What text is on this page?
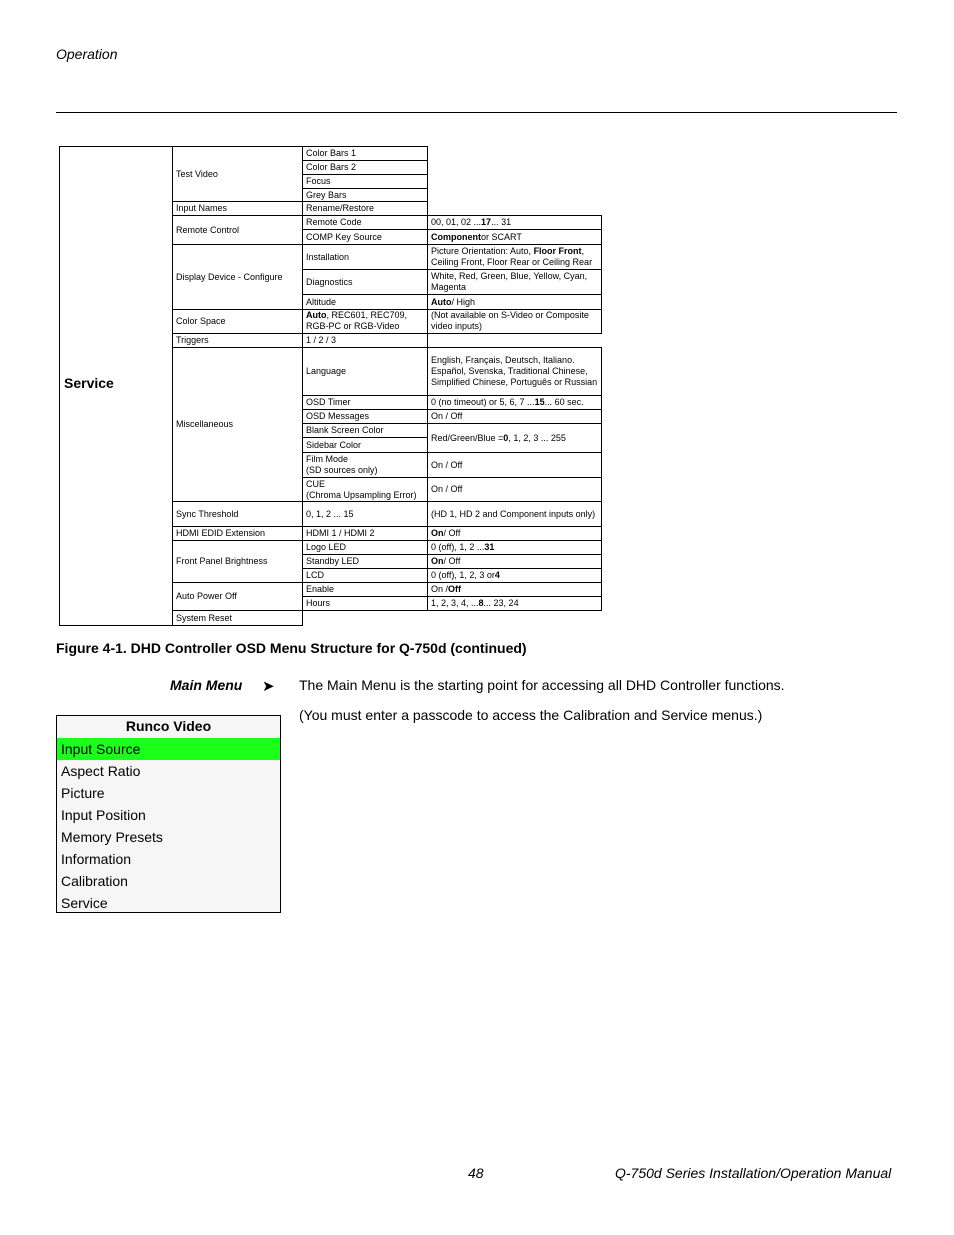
Operation
Service
Test Video
Input Names
Remote Control
Display Device - Configure
Color Space
Triggers
Miscellaneous
Sync Threshold
HDMI EDID Extension
Front Panel Brightness
Auto Power Off
System Reset
Color Bars 1
Color Bars 2
Focus
Grey Bars
Rename/Restore
Remote Code
COMP Key Source
Installation
Diagnostics
Altitude
Auto, REC601, REC709, RGB-PC or RGB-Video
1 / 2 / 3
Language
OSD Timer
OSD Messages
Blank Screen Color
Sidebar Color
Film Mode
(SD sources only)
CUE
(Chroma Upsampling Error)
0, 1, 2 ... 15
HDMI 1 / HDMI 2
Logo LED
Standby LED
LCD
Enable
Hours
00, 01, 02 ... 17 ... 31
Component or SCART
Picture Orientation: Auto, Floor Front, Ceiling Front, Floor Rear or Ceiling Rear
White, Red, Green, Blue, Yellow, Cyan, Magenta
Auto / High
(Not available on S-Video or Composite video inputs)
English, Français, Deutsch, Italiano. Español, Svenska, Traditional Chinese, Simplified Chinese, Português or Russian
0 (no timeout) or 5, 6, 7 ... 15 ... 60 sec.
On / Off
Red/Green/Blue = 0 , 1, 2, 3 ... 255
On / Off
On / Off
(HD 1, HD 2 and Component inputs only)
On / Off
0 (off), 1, 2 ... 31
On / Off
0 (off), 1, 2, 3 or 4
On / Off
1, 2, 3, 4, ... 8 ... 23, 24
Figure 4-1. DHD Controller OSD Menu Structure for Q-750d (continued)
Main Menu ➤ The Main Menu is the starting point for accessing all DHD Controller functions.
(You must enter a passcode to access the Calibration and Service menus.)
Runco Video
Input Source
Aspect Ratio
Picture
Input Position
Memory Presets
Information
Calibration
Service
48	Q-750d Series Installation/Operation Manual
